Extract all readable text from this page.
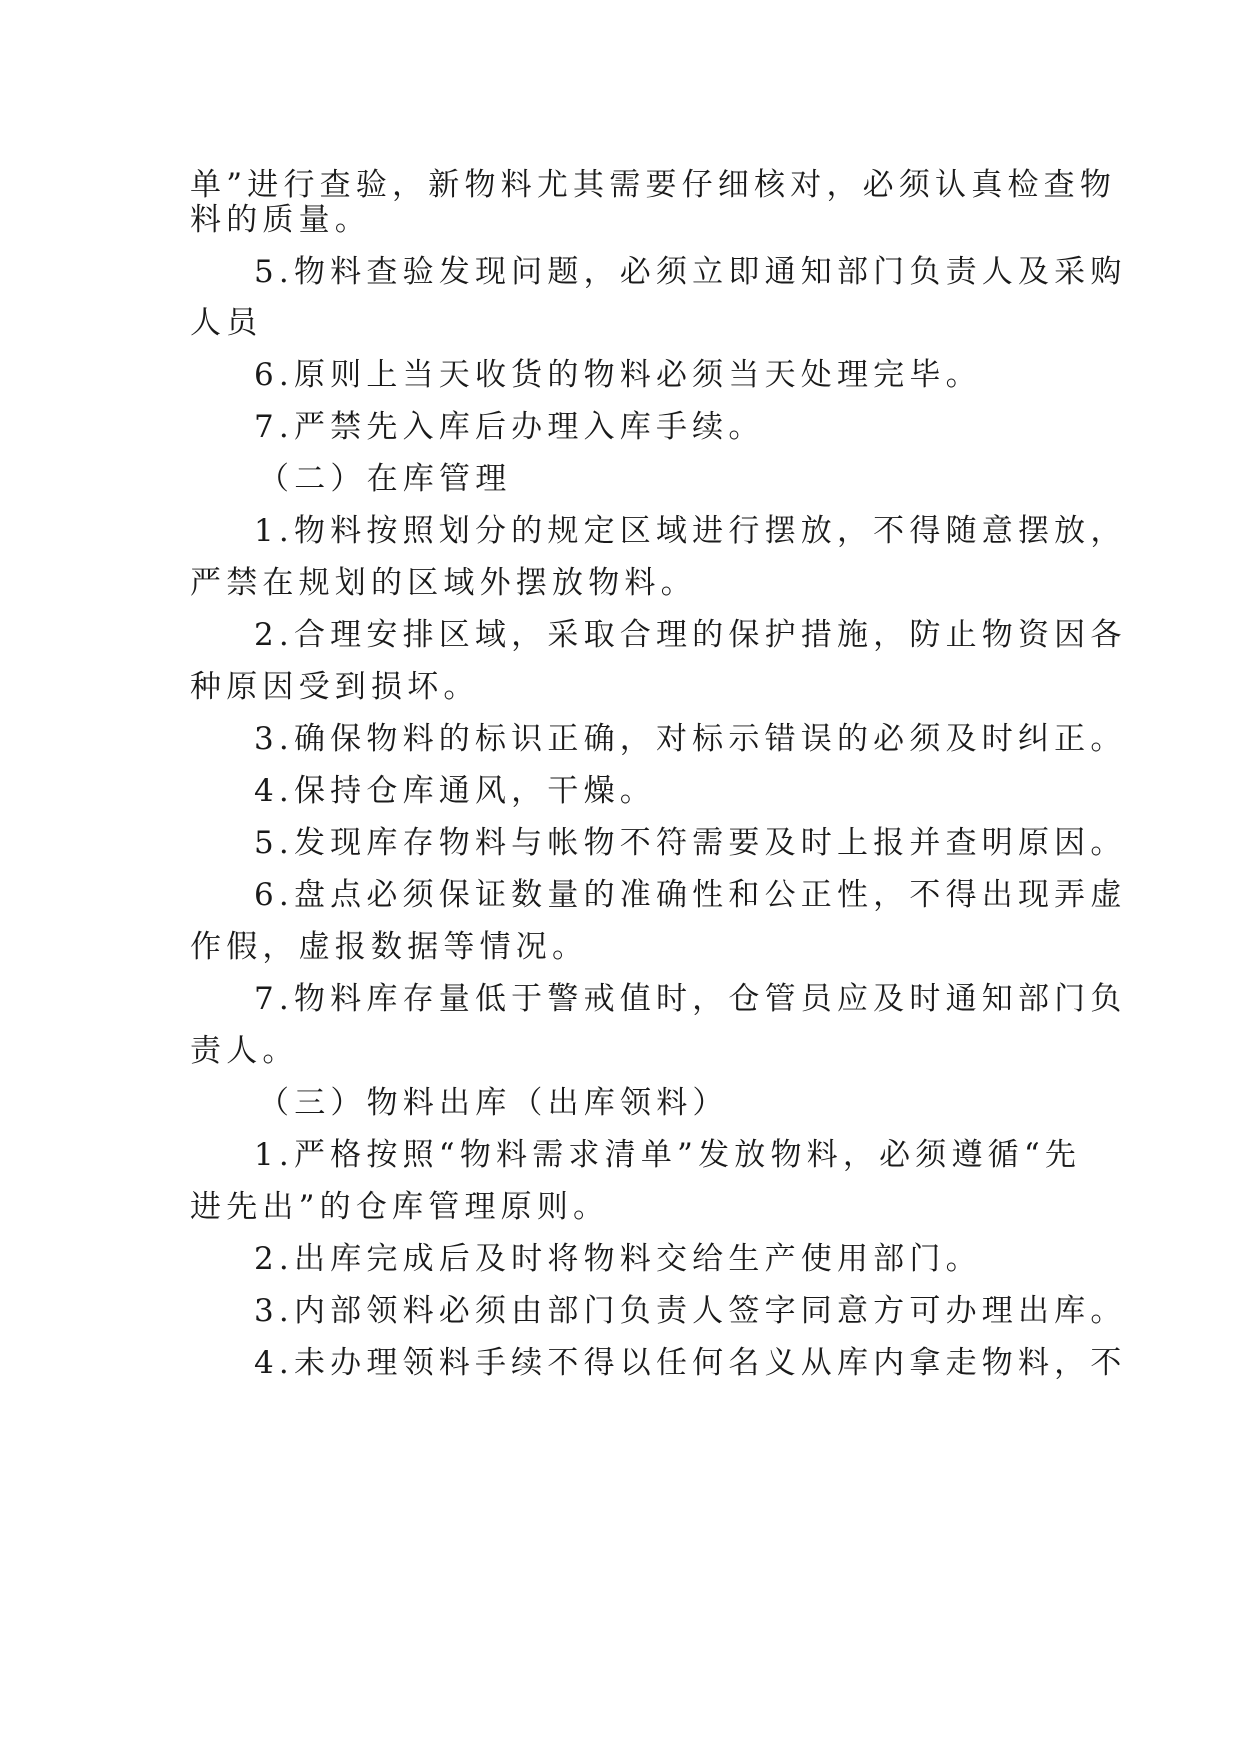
单”进行查验，新物料尤其需要仔细核对，必须认真检查物

料的质量。

5.物料查验发现问题，必须立即通知部门负责人及采购

人员

6.原则上当天收货的物料必须当天处理完毕。

7.严禁先入库后办理入库手续。

（二）在库管理

1.物料按照划分的规定区域进行摆放，不得随意摆放，

严禁在规划的区域外摆放物料。

2.合理安排区域，采取合理的保护措施，防止物资因各

种原因受到损坏。

3.确保物料的标识正确，对标示错误的必须及时纠正。

4.保持仓库通风，干燥。

5.发现库存物料与帐物不符需要及时上报并查明原因。

6.盘点必须保证数量的准确性和公正性，不得出现弄虚

作假，虚报数据等情况。

7.物料库存量低于警戒值时，仓管员应及时通知部门负

责人。

（三）物料出库（出库领料）

1.严格按照“物料需求清单”发放物料，必须遵循“先

进先出”的仓库管理原则。

2.出库完成后及时将物料交给生产使用部门。

3.内部领料必须由部门负责人签字同意方可办理出库。

4.未办理领料手续不得以任何名义从库内拿走物料，不
